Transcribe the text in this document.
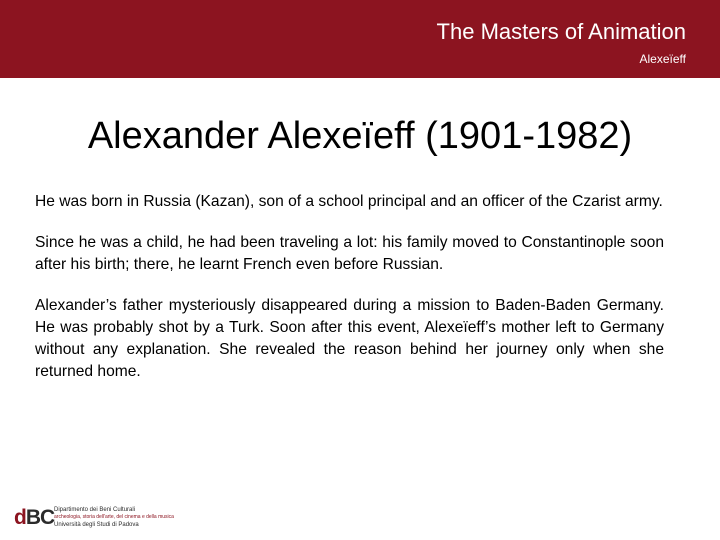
The Masters of Animation
Alexeïeff
Alexander Alexeïeff (1901-1982)

He was born in Russia (Kazan), son of a school principal and an officer of the Czarist army.

Since he was a child, he had been traveling a lot: his family moved to Constantinople soon after his birth; there, he learnt French even before Russian.

Alexander’s father mysteriously disappeared during a mission to Baden-Baden Germany. He was probably shot by a Turk. Soon after this event, Alexeïeff’s mother left to Germany without any explanation. She revealed the reason behind her journey only when she returned home.

dBC Dipartimento dei Beni Culturali
archeologia, storia dell'arte, del cinema e della musica
Università degli Studi di Padova
